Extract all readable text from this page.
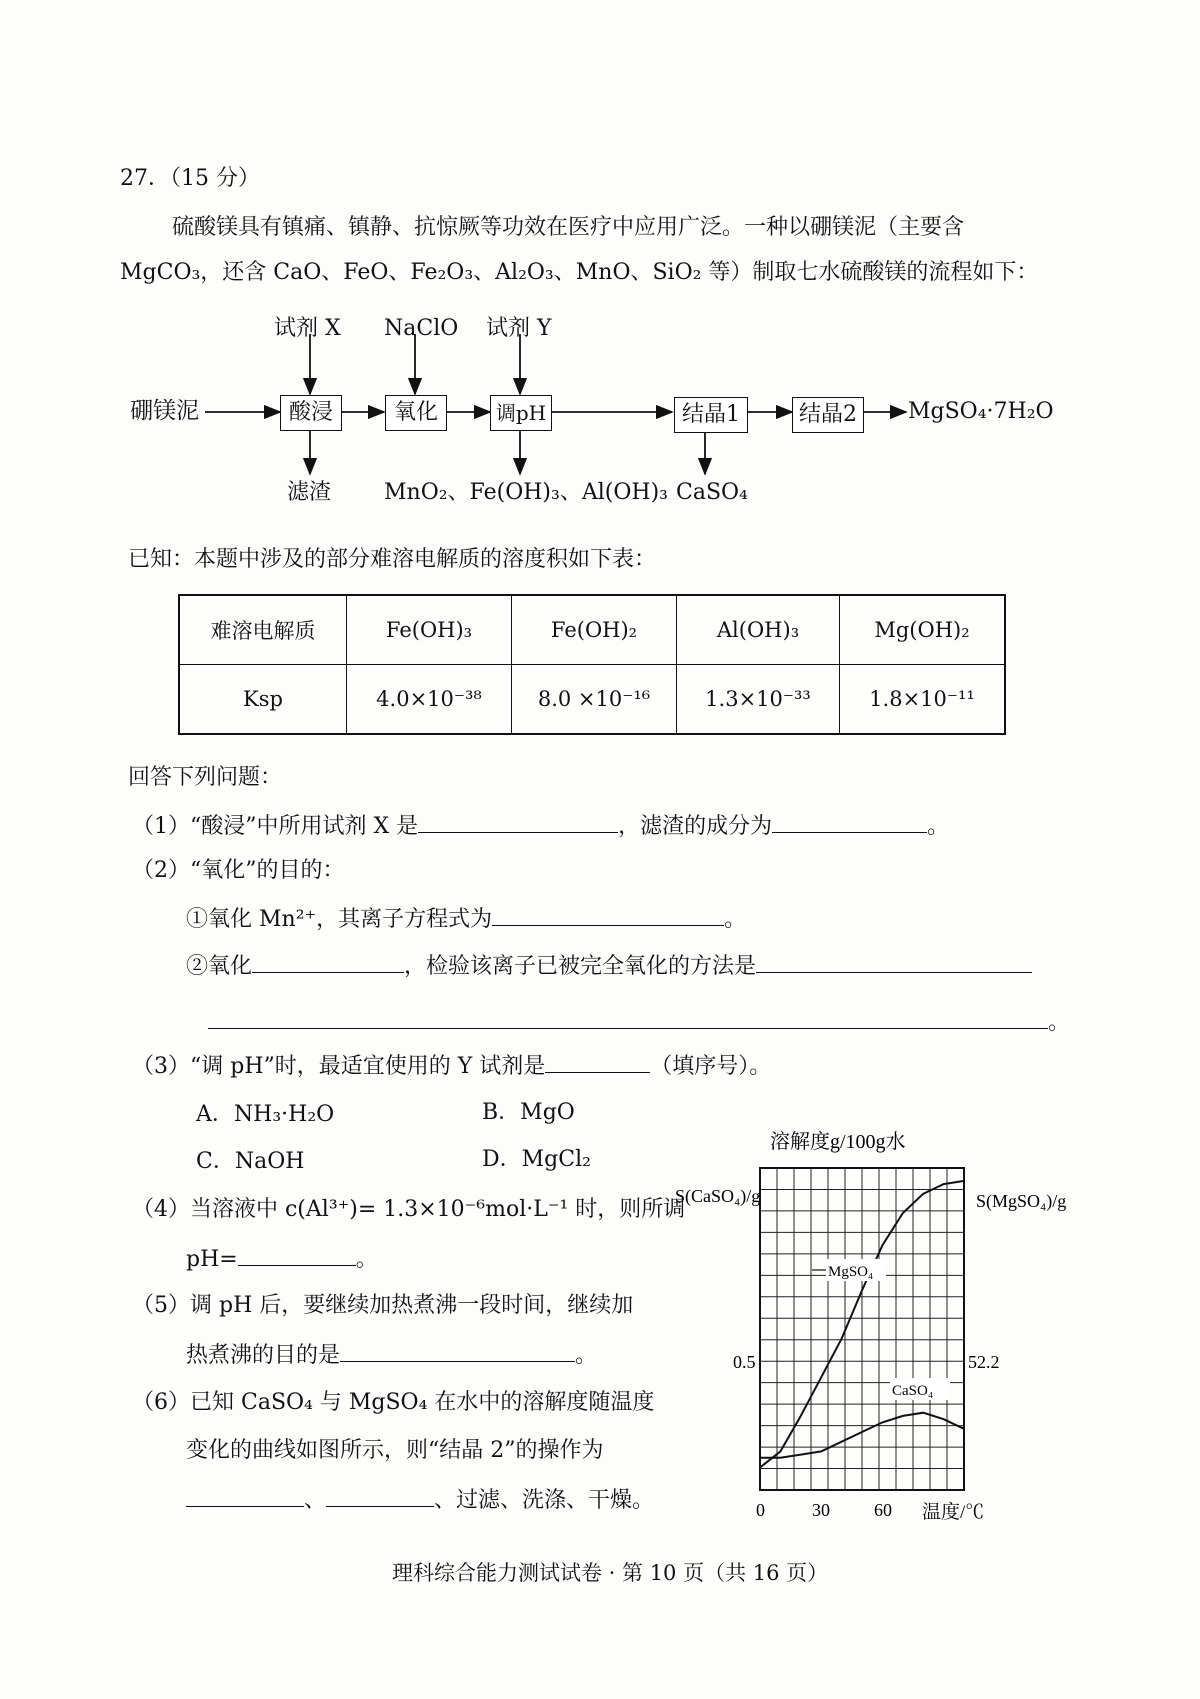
27．（15 分）
硫酸镁具有镇痛、镇静、抗惊厥等功效在医疗中应用广泛。一种以硼镁泥（主要含
MgCO₃，还含 CaO、FeO、Fe₂O₃、Al₂O₃、MnO、SiO₂ 等）制取七水硫酸镁的流程如下：
硼镁泥	酸浸	氧化	调pH	结晶1	结晶2	MgSO₄·7H₂O
试剂 X NaClO 试剂 Y
滤渣 MnO₂、Fe(OH)₃、Al(OH)₃ CaSO₄
已知：本题中涉及的部分难溶电解质的溶度积如下表：
难溶电解质	Fe(OH)₃	Fe(OH)₂	Al(OH)₃	Mg(OH)₂
Ksp	4.0×10⁻³⁸	8.0 ×10⁻¹⁶	1.3×10⁻³³	1.8×10⁻¹¹
回答下列问题：
（1）“酸浸”中所用试剂 X 是	，滤渣的成分为	。
（2）“氧化”的目的：
①氧化 Mn²⁺，其离子方程式为	。
②氧化	，检验该离子已被完全氧化的方法是
。
（3）“调 pH”时，最适宜使用的 Y 试剂是	（填序号）。
A．NH₃·H₂O	B．MgO
C．NaOH	D．MgCl₂
（4）当溶液中 c(Al³⁺)= 1.3×10⁻⁶mol·L⁻¹ 时，则所调
pH=	。
（5）调 pH 后，要继续加热煮沸一段时间，继续加
热煮沸的目的是	。
（6）已知 CaSO₄ 与 MgSO₄ 在水中的溶解度随温度
变化的曲线如图所示，则“结晶 2”的操作为
、	、过滤、洗涤、干燥。
溶解度g/100g水
S(CaSO₄)/g	S(MgSO₄)/g
0.5	52.2
0	30 60 温度/℃
MgSO₄
CaSO₄
理科综合能力测试试卷 · 第 10 页（共 16 页）
